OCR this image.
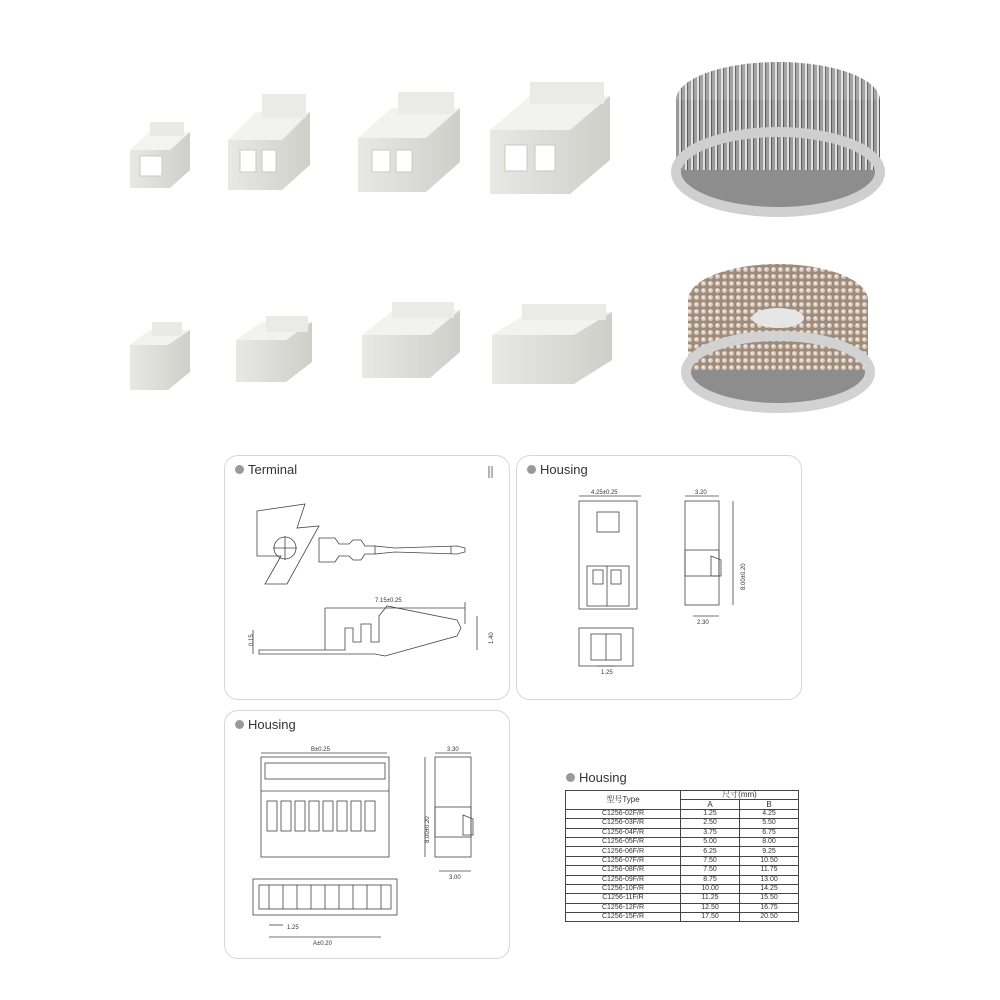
Terminal
7.15±0.25
0.15	1.40
Housing
4.25±0.25	3.20
8.00±0.20
2.30
1.25
Housing
B±0.25	3.30
8.00±0.20
3.00
1.25
A±0.20
Housing
型号Type	尺寸(mm)	
	A	B
C1256-02F/R	1.25	4.25
C1256-03F/R	2.50	5.50
C1256-04F/R	3.75	6.75
C1256-05F/R	5.00	8.00
C1256-06F/R	6.25	9.25
C1256-07F/R	7.50	10.50
C1256-08F/R	7.50	11.75
C1256-09F/R	8.75	13.00
C1256-10F/R	10.00	14.25
C1256-11F/R	11.25	15.50
C1256-12F/R	12.50	16.75
C1256-15F/R	17.50	20.50
